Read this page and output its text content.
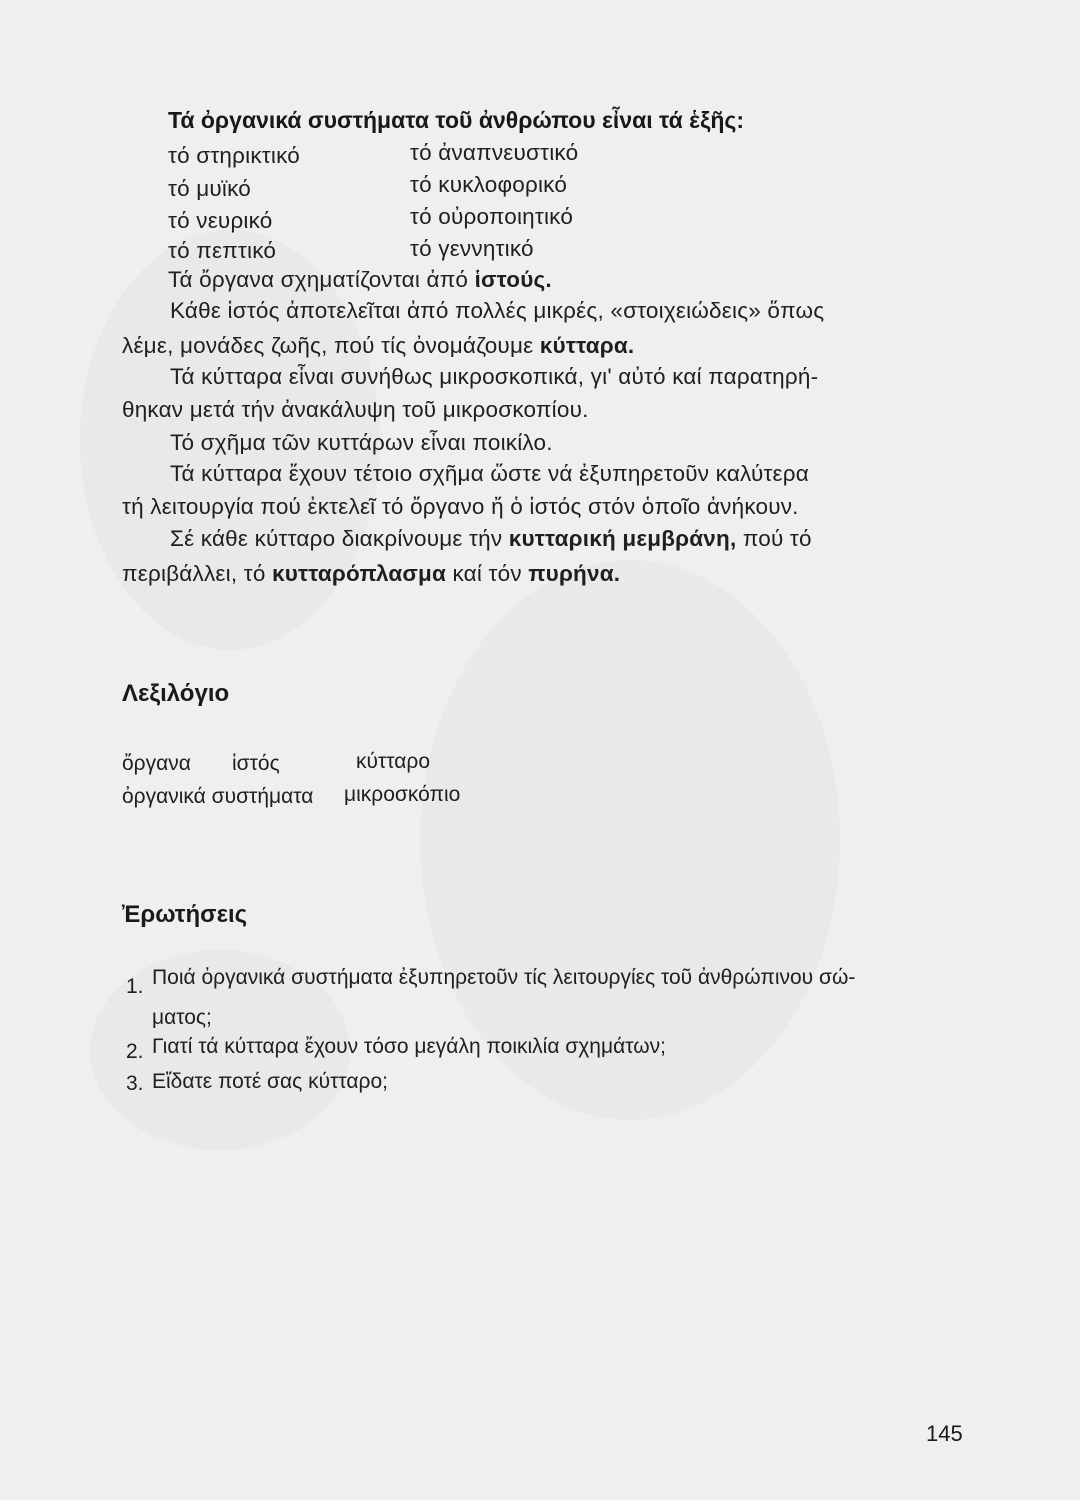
Τά ὀργανικά συστήματα τοῦ ἀνθρώπου εἶναι τά ἑξῆς:
τό στηρικτικό
τό μυϊκό
τό νευρικό
τό πεπτικό
τό ἀναπνευστικό
τό κυκλοφορικό
τό οὐροποιητικό
τό γεννητικό
Τά ὄργανα σχηματίζονται ἀπό ἱστούς.
Κάθε ἱστός ἀποτελεῖται ἀπό πολλές μικρές, «στοιχειώδεις» ὅπως
λέμε, μονάδες ζωῆς, πού τίς ὀνομάζουμε κύτταρα.
Τά κύτταρα εἶναι συνήθως μικροσκοπικά, γι' αὐτό καί παρατηρή-
θηκαν μετά τήν ἀνακάλυψη τοῦ μικροσκοπίου.
Τό σχῆμα τῶν κυττάρων εἶναι ποικίλο.
Τά κύτταρα ἔχουν τέτοιο σχῆμα ὥστε νά ἐξυπηρετοῦν καλύτερα
τή λειτουργία πού ἐκτελεῖ τό ὄργανο ἤ ὁ ἱστός στόν ὁποῖο ἀνήκουν.
Σέ κάθε κύτταρο διακρίνουμε τήν κυτταρική μεμβράνη, πού τό
περιβάλλει, τό κυτταρόπλασμα καί τόν πυρήνα.
Λεξιλόγιο
ὄργανα ἱστός	κύτταρο
ὀργανικά συστήματα μικροσκόπιο
Ἐρωτήσεις
1. Ποιά ὀργανικά συστήματα ἐξυπηρετοῦν τίς λειτουργίες τοῦ ἀνθρώπινου σώ-
ματος;
2. Γιατί τά κύτταρα ἔχουν τόσο μεγάλη ποικιλία σχημάτων;
3. Εἴδατε ποτέ σας κύτταρο;
145
